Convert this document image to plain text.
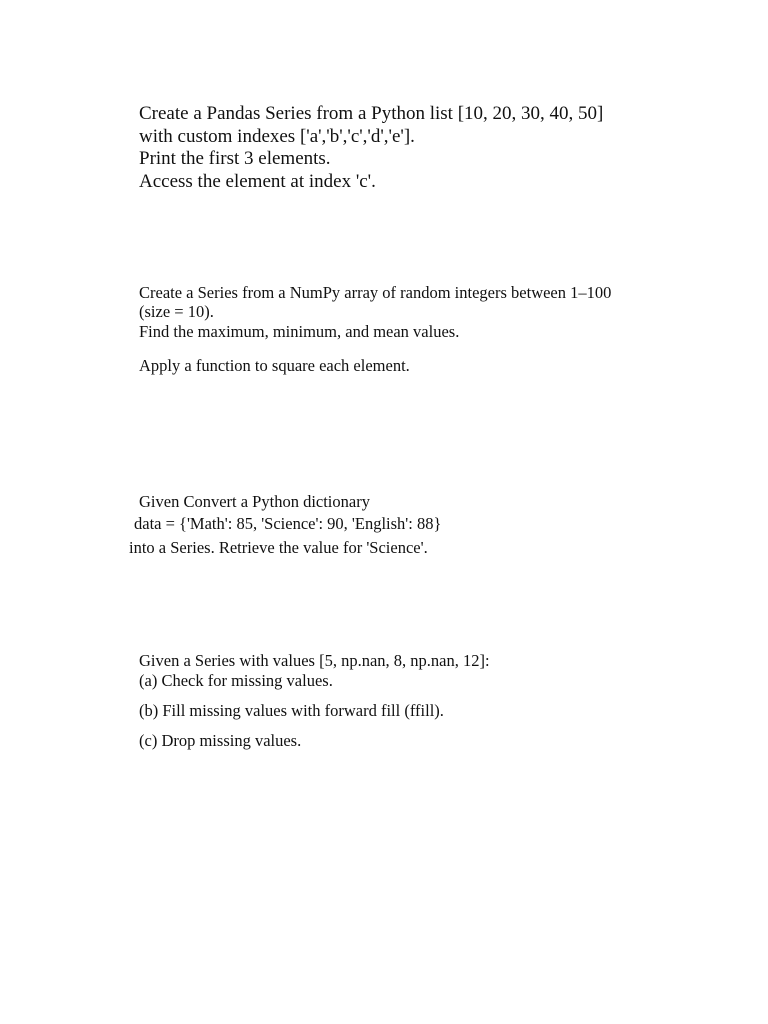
Create a Pandas Series from a Python list [10, 20, 30, 40, 50]
with custom indexes ['a','b','c','d','e'].
Print the first 3 elements.
Access the element at index 'c'.
Create a Series from a NumPy array of random integers between 1–100
(size = 10).
Find the maximum, minimum, and mean values.
Apply a function to square each element.
Given Convert a Python dictionary
data = {'Math': 85, 'Science': 90, 'English': 88}
into a Series. Retrieve the value for 'Science'.
Given a Series with values [5, np.nan, 8, np.nan, 12]:
(a) Check for missing values.
(b) Fill missing values with forward fill (ffill).
(c) Drop missing values.
